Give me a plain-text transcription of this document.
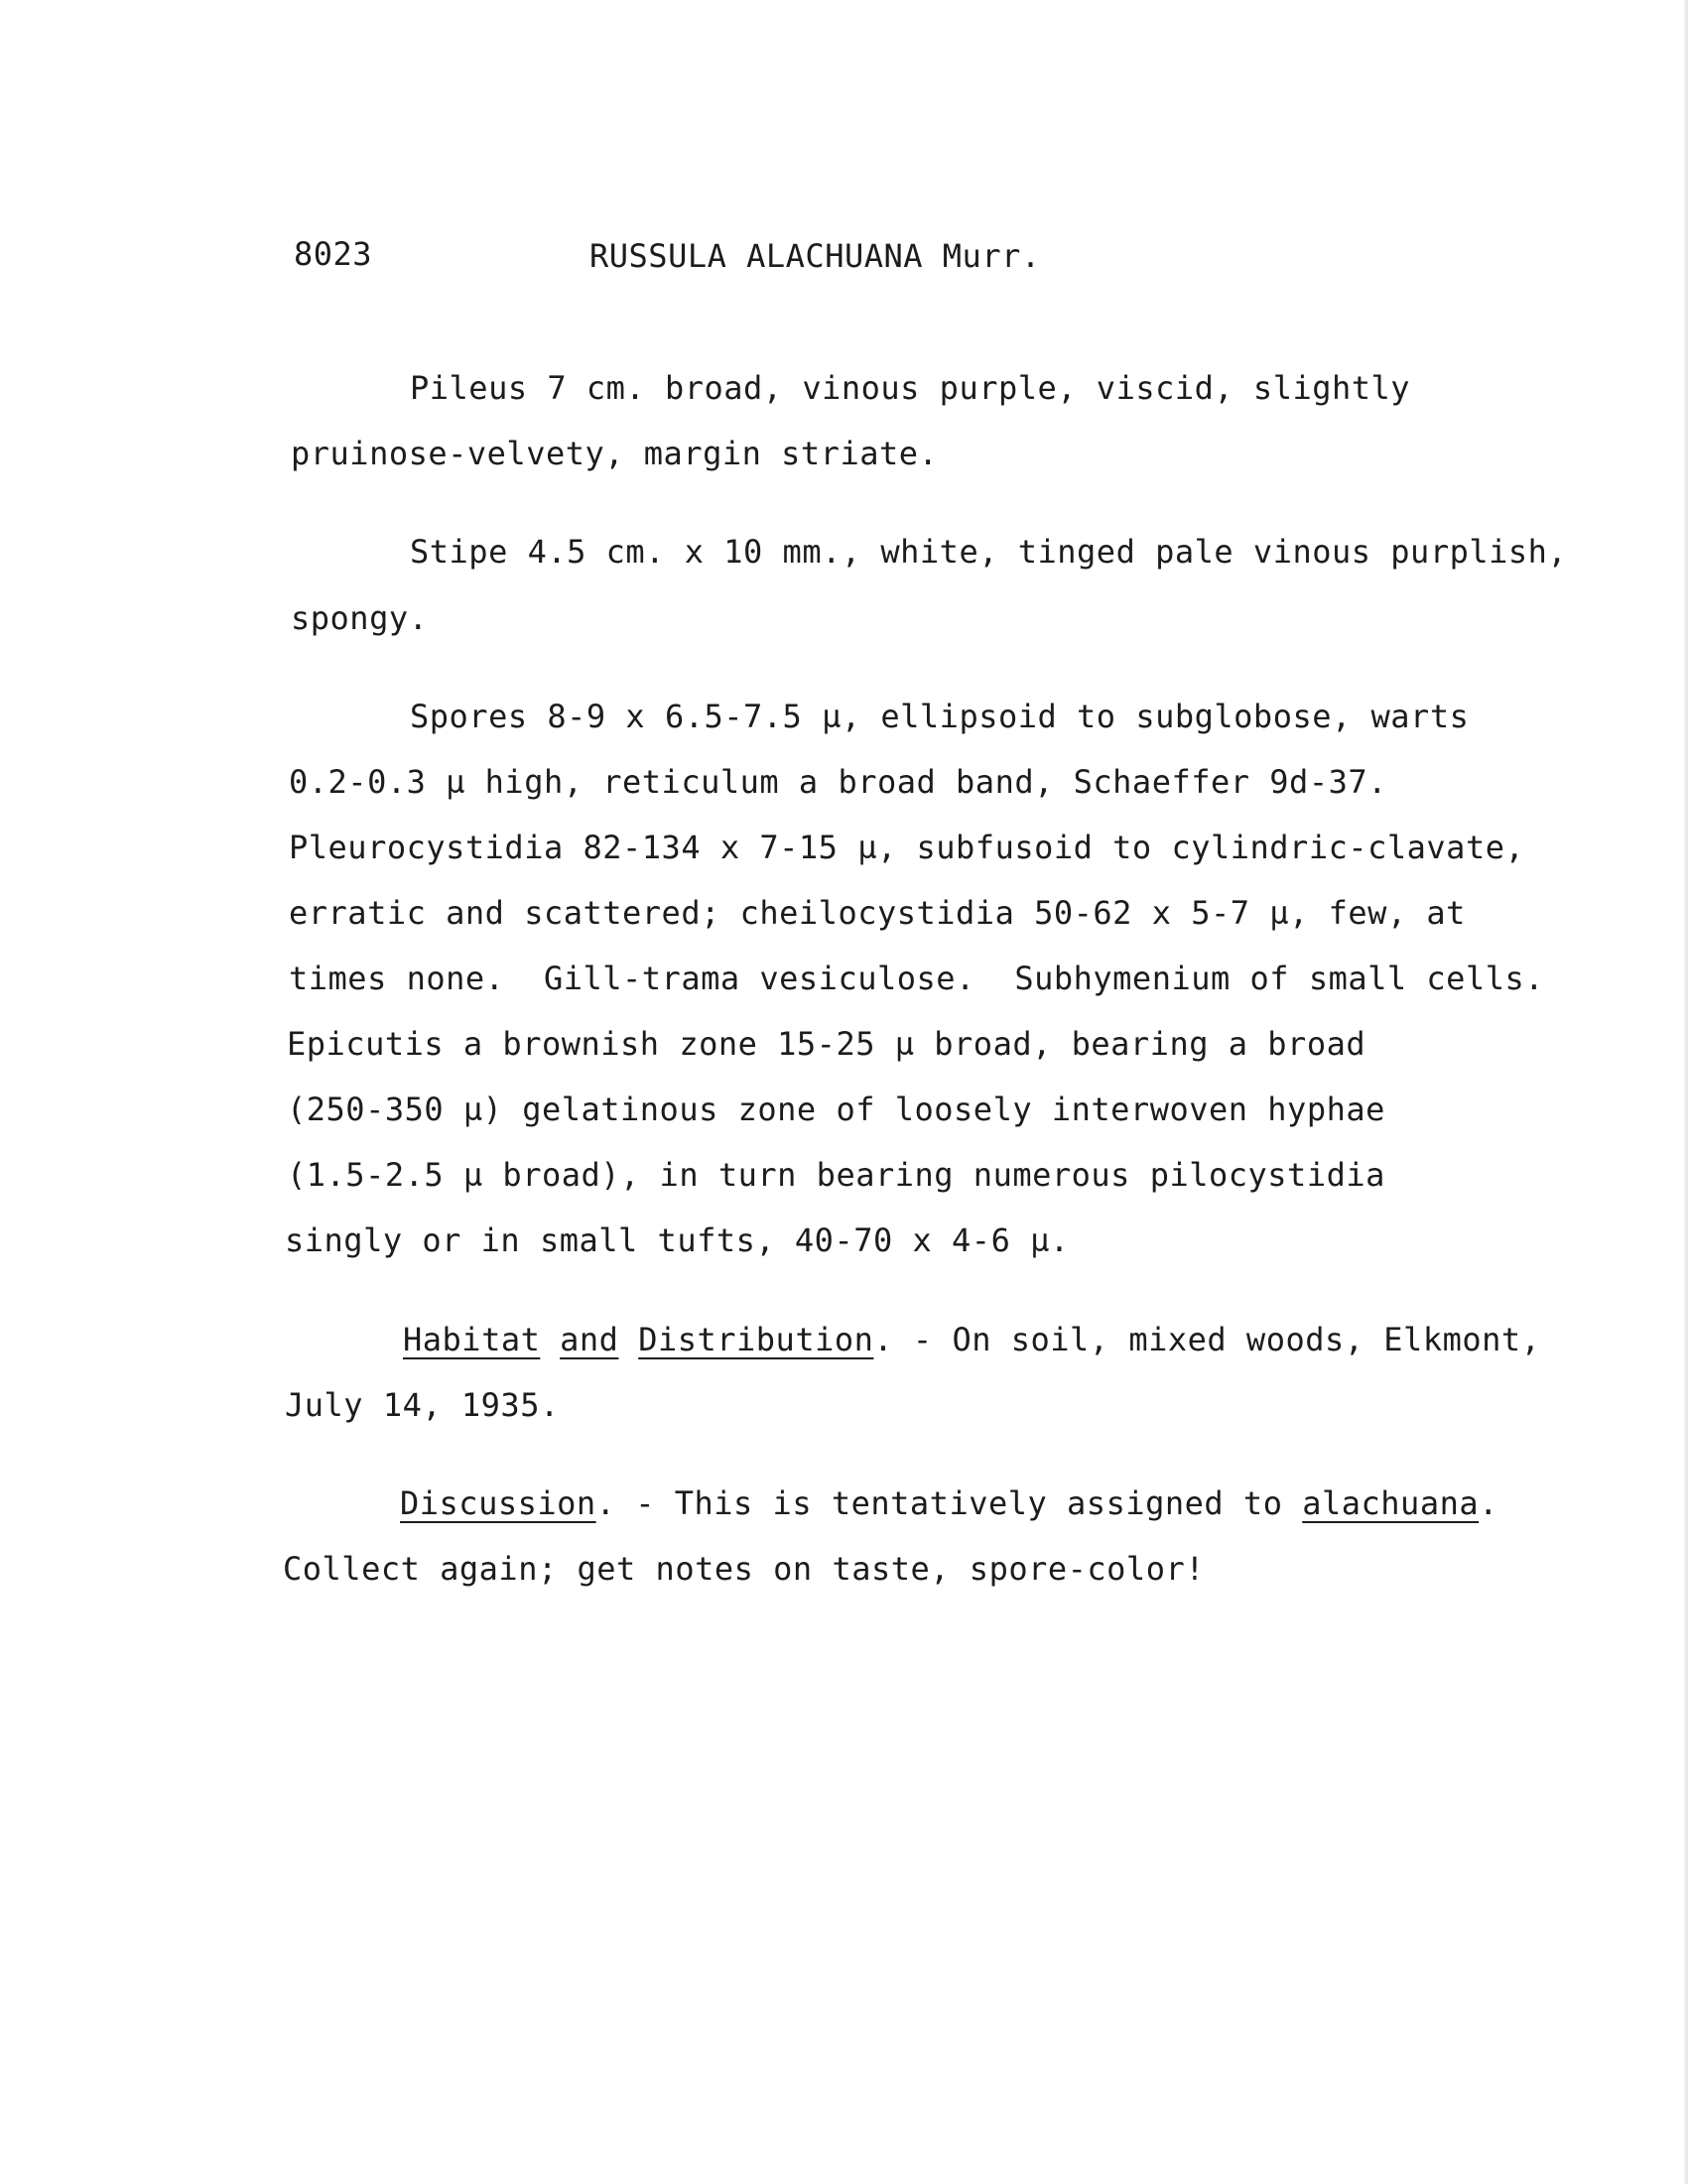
8023	RUSSULA ALACHUANA Murr.
Pileus 7 cm. broad, vinous purple, viscid, slightly
pruinose-velvety, margin striate.
Stipe 4.5 cm. x 10 mm., white, tinged pale vinous purplish,
spongy.
Spores 8-9 x 6.5-7.5 µ, ellipsoid to subglobose, warts
0.2-0.3 µ high, reticulum a broad band, Schaeffer 9d-37.
Pleurocystidia 82-134 x 7-15 µ, subfusoid to cylindric-clavate,
erratic and scattered; cheilocystidia 50-62 x 5-7 µ, few, at
times none.  Gill-trama vesiculose.  Subhymenium of small cells.
Epicutis a brownish zone 15-25 µ broad, bearing a broad
(250-350 µ) gelatinous zone of loosely interwoven hyphae
(1.5-2.5 µ broad), in turn bearing numerous pilocystidia
singly or in small tufts, 40-70 x 4-6 µ.
Habitat and Distribution. - On soil, mixed woods, Elkmont,
July 14, 1935.
Discussion. - This is tentatively assigned to alachuana.
Collect again; get notes on taste, spore-color!
